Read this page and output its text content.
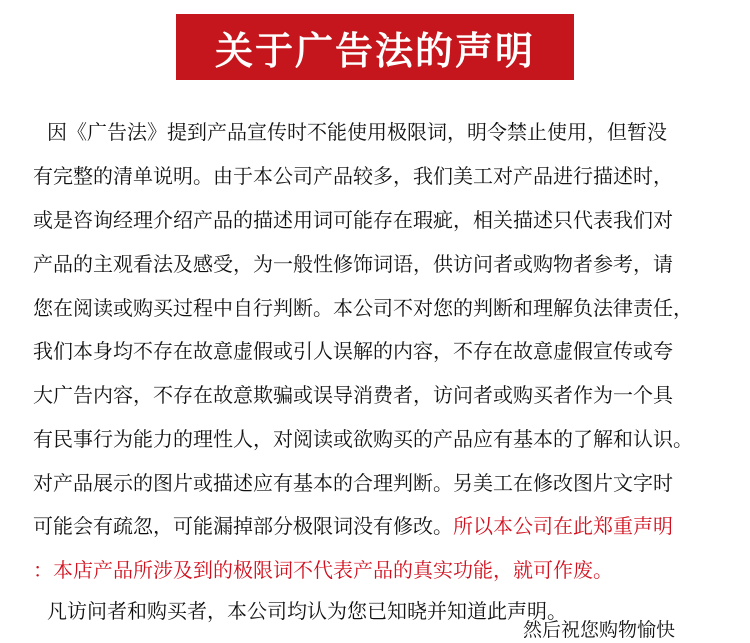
关于广告法的声明
因《广告法》提到产品宣传时不能使用极限词，明令禁止使用，但暂没
有完整的清单说明。由于本公司产品较多，我们美工对产品进行描述时，
或是咨询经理介绍产品的描述用词可能存在瑕疵，相关描述只代表我们对
产品的主观看法及感受，为一般性修饰词语，供访问者或购物者参考，请
您在阅读或购买过程中自行判断。本公司不对您的判断和理解负法律责任，
我们本身均不存在故意虚假或引人误解的内容，不存在故意虚假宣传或夸
大广告内容，不存在故意欺骗或误导消费者，访问者或购买者作为一个具
有民事行为能力的理性人，对阅读或欲购买的产品应有基本的了解和认识。
对产品展示的图片或描述应有基本的合理判断。另美工在修改图片文字时
可能会有疏忽，可能漏掉部分极限词没有修改。所以本公司在此郑重声明
：本店产品所涉及到的极限词不代表产品的真实功能，就可作废。
凡访问者和购买者，本公司均认为您已知晓并知道此声明。
然后祝您购物愉快
